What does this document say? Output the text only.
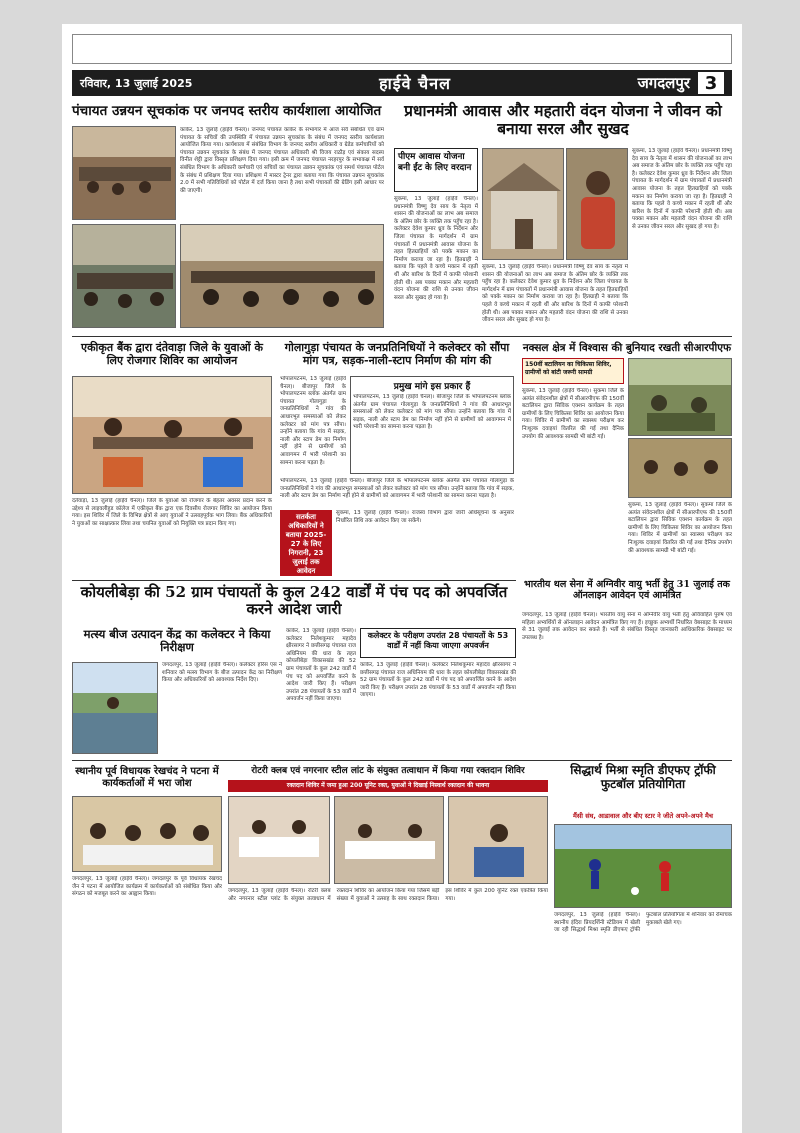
रविवार, 13 जुलाई 2025	हाईवे चैनल	जगदलपुर 3
पंचायत उन्नयन सूचकांक पर जनपद स्तरीय कार्यशाला आयोजित
कांकेर, 13 जुलाई (हाईवे चैनल)। जनपद पंचायत कांकेर के सभागार में आज सर्व संबंधित एवं ग्राम पंचायत के सचिवों की उपस्थिति में पंचायत उन्नयन सूचकांक के संबंध में जनपद स्तरीय कार्यशाला आयोजित किया गया। कार्यशाला में संबंधित विभाग के जनपद स्तरीय अधिकारी व ग्रेडेड कर्मचारियों को पंचायत उन्नयन सूचकांक के संबंध में जनपद पंचायत अधिकारी श्री विजय राठौड़ एवं संकाय सदस्य विनीत शेट्टी द्वारा विस्तृत प्रशिक्षण दिया गया। इसी क्रम में जनपद पंचायत नरहरपुर के सभाकक्ष में सर्व संबंधित विभाग के अधिकारी कर्मचारी एवं सचिवों का पंचायत उन्नयन सूचकांक एवं समर्थ पंचायत पोर्टल के संबंध में प्रशिक्षण दिया गया। प्रशिक्षण में मास्टर ट्रेनर द्वारा बताया गया कि पंचायत उन्नयन सूचकांक 2.0 में सभी गतिविधियों को पोर्टल में दर्ज किया जाना है तथा सभी पंचायतों की ग्रेडिंग इसी आधार पर की जाएगी।
प्रधानमंत्री आवास और महतारी वंदन योजना ने जीवन को बनाया सरल और सुखद
पीएम आवास योजना बनी ईंट के लिए वरदान
सुकमा, 13 जुलाई (हाईवे चैनल)। प्रधानमंत्री विष्णु देव साय के नेतृत्व में शासन की योजनाओं का लाभ अब समाज के अंतिम छोर के व्यक्ति तक पहुँच रहा है। कलेक्टर देवेश कुमार ध्रुव के निर्देशन और जिला पंचायत के मार्गदर्शन में ग्राम पंचायतों में प्रधानमंत्री आवास योजना के तहत हितग्राहियों को पक्के मकान का निर्माण कराया जा रहा है। हितग्राही ने बताया कि पहले वे कच्चे मकान में रहती थीं और बारिश के दिनों में काफी परेशानी होती थी। अब पक्का मकान और महतारी वंदन योजना की राशि से उनका जीवन सरल और सुखद हो गया है।
सुकमा, 13 जुलाई (हाईवे चैनल)। प्रधानमंत्री विष्णु देव साय के नेतृत्व में शासन की योजनाओं का लाभ अब समाज के अंतिम छोर के व्यक्ति तक पहुँच रहा है। कलेक्टर देवेश कुमार ध्रुव के निर्देशन और जिला पंचायत के मार्गदर्शन में ग्राम पंचायतों में प्रधानमंत्री आवास योजना के तहत हितग्राहियों को पक्के मकान का निर्माण कराया जा रहा है। हितग्राही ने बताया कि पहले वे कच्चे मकान में रहती थीं और बारिश के दिनों में काफी परेशानी होती थी। अब पक्का मकान और महतारी वंदन योजना की राशि से उनका जीवन सरल और सुखद हो गया है।
सुकमा, 13 जुलाई (हाईवे चैनल)। प्रधानमंत्री विष्णु देव साय के नेतृत्व में शासन की योजनाओं का लाभ अब समाज के अंतिम छोर के व्यक्ति तक पहुँच रहा है। कलेक्टर देवेश कुमार ध्रुव के निर्देशन और जिला पंचायत के मार्गदर्शन में ग्राम पंचायतों में प्रधानमंत्री आवास योजना के तहत हितग्राहियों को पक्के मकान का निर्माण कराया जा रहा है। हितग्राही ने बताया कि पहले वे कच्चे मकान में रहती थीं और बारिश के दिनों में काफी परेशानी होती थी। अब पक्का मकान और महतारी वंदन योजना की राशि से उनका जीवन सरल और सुखद हो गया है।
एकीकृत बैंक द्वारा दंतेवाड़ा जिले के युवाओं के लिए रोजगार शिविर का आयोजन
दंतेवाड़ा, 13 जुलाई (हाईवे चैनल)। जिले के युवाओं को रोजगार के बेहतर अवसर प्रदान करने के उद्देश्य से लाइवलीहुड कॉलेज में एकीकृत बैंक द्वारा एक दिवसीय रोजगार शिविर का आयोजन किया गया। इस शिविर में जिले के विभिन्न क्षेत्रों से आए युवाओं ने उत्साहपूर्वक भाग लिया। बैंक अधिकारियों ने युवाओं का साक्षात्कार लिया तथा चयनित युवाओं को नियुक्ति पत्र प्रदान किए गए।
गोलागुड़ा पंचायत के जनप्रतिनिधियों ने कलेक्टर को सौंपा मांग पत्र, सड़क-नाली-स्टाप निर्माण की मांग की
भोपालपटनम, 13 जुलाई (हाईवे चैनल)। बीजापुर जिले के भोपालपटनम ब्लॉक अंतर्गत ग्राम पंचायत गोलागुड़ा के जनप्रतिनिधियों ने गांव की आधारभूत समस्याओं को लेकर कलेक्टर को मांग पत्र सौंपा। उन्होंने बताया कि गांव में सड़क, नाली और स्टाप डेम का निर्माण नहीं होने से ग्रामीणों को आवागमन में भारी परेशानी का सामना करना पड़ता है।
प्रमुख मांगे इस प्रकार हैं
भोपालपटनम, 13 जुलाई (हाईवे चैनल)। बीजापुर जिले के भोपालपटनम ब्लॉक अंतर्गत ग्राम पंचायत गोलागुड़ा के जनप्रतिनिधियों ने गांव की आधारभूत समस्याओं को लेकर कलेक्टर को मांग पत्र सौंपा। उन्होंने बताया कि गांव में सड़क, नाली और स्टाप डेम का निर्माण नहीं होने से ग्रामीणों को आवागमन में भारी परेशानी का सामना करना पड़ता है।
भोपालपटनम, 13 जुलाई (हाईवे चैनल)। बीजापुर जिले के भोपालपटनम ब्लॉक अंतर्गत ग्राम पंचायत गोलागुड़ा के जनप्रतिनिधियों ने गांव की आधारभूत समस्याओं को लेकर कलेक्टर को मांग पत्र सौंपा। उन्होंने बताया कि गांव में सड़क, नाली और स्टाप डेम का निर्माण नहीं होने से ग्रामीणों को आवागमन में भारी परेशानी का सामना करना पड़ता है।
सतर्कता अधिकारियों ने बताया 2025-27 के लिए निगरानी, 23 जुलाई तक आवेदन
सुकमा, 13 जुलाई (हाईवे चैनल)। राजस्व विभाग द्वारा जारी अधिसूचना के अनुसार निर्धारित तिथि तक आवेदन किए जा सकेंगे।
नक्सल क्षेत्र में विश्वास की बुनियाद रखती सीआरपीएफ
150वीं बटालियन का चिकित्सा शिविर, ग्रामीणों को बांटी जरूरी सामग्री
सुकमा, 13 जुलाई (हाईवे चैनल)। सुकमा जिले के अत्यंत संवेदनशील क्षेत्रों में सीआरपीएफ की 150वीं बटालियन द्वारा सिविक एक्शन कार्यक्रम के तहत ग्रामीणों के लिए चिकित्सा शिविर का आयोजन किया गया। शिविर में ग्रामीणों का स्वास्थ्य परीक्षण कर निःशुल्क दवाइयां वितरित की गईं तथा दैनिक उपयोग की आवश्यक सामग्री भी बांटी गई।
सुकमा, 13 जुलाई (हाईवे चैनल)। सुकमा जिले के अत्यंत संवेदनशील क्षेत्रों में सीआरपीएफ की 150वीं बटालियन द्वारा सिविक एक्शन कार्यक्रम के तहत ग्रामीणों के लिए चिकित्सा शिविर का आयोजन किया गया। शिविर में ग्रामीणों का स्वास्थ्य परीक्षण कर निःशुल्क दवाइयां वितरित की गईं तथा दैनिक उपयोग की आवश्यक सामग्री भी बांटी गई।
भारतीय थल सेना में अग्निवीर वायु भर्ती हेतु 31 जुलाई तक ऑनलाइन आवेदन एवं आमंत्रित
जगदलपुर, 13 जुलाई (हाईवे चैनल)। भारतीय वायु सेना में अग्निवीर वायु भर्ती हेतु अविवाहित पुरुष एवं महिला अभ्यर्थियों से ऑनलाइन आवेदन आमंत्रित किए गए हैं। इच्छुक अभ्यर्थी निर्धारित वेबसाइट के माध्यम से 31 जुलाई तक आवेदन कर सकते हैं। भर्ती से संबंधित विस्तृत जानकारी आधिकारिक वेबसाइट पर उपलब्ध है।
कोयलीबेड़ा की 52 ग्राम पंचायतों के कुल 242 वार्डों में पंच पद को अपवर्जित करने आदेश जारी
मत्स्य बीज उत्पादन केंद्र का कलेक्टर ने किया निरीक्षण
जगदलपुर, 13 जुलाई (हाईवे चैनल)। कलेक्टर हरिस एस ने शनिवार को मत्स्य विभाग के बीज उत्पादन केंद्र का निरीक्षण किया और अधिकारियों को आवश्यक निर्देश दिए।
कांकेर, 13 जुलाई (हाईवे चैनल)। कलेक्टर निलेशकुमार महादेव क्षीरसागर ने छत्तीसगढ़ पंचायत राज अधिनियम की धारा के तहत कोयलीबेड़ा विकासखंड की 52 ग्राम पंचायतों के कुल 242 वार्डों में पंच पद को अपवर्जित करने के आदेश जारी किए हैं। परीक्षण उपरांत 28 पंचायतों के 53 वार्डों में अपवर्जन नहीं किया जाएगा।
कलेक्टर के परीक्षण उपरांत 28 पंचायतों के 53 वार्डों में नहीं किया जाएगा अपवर्जन
कांकेर, 13 जुलाई (हाईवे चैनल)। कलेक्टर निलेशकुमार महादेव क्षीरसागर ने छत्तीसगढ़ पंचायत राज अधिनियम की धारा के तहत कोयलीबेड़ा विकासखंड की 52 ग्राम पंचायतों के कुल 242 वार्डों में पंच पद को अपवर्जित करने के आदेश जारी किए हैं। परीक्षण उपरांत 28 पंचायतों के 53 वार्डों में अपवर्जन नहीं किया जाएगा।
स्थानीय पूर्व विधायक रेखचंद ने पटना में कार्यकर्ताओं में भरा जोश
जगदलपुर, 13 जुलाई (हाईवे चैनल)। जगदलपुर के पूर्व विधायक रेखचंद जैन ने पटना में आयोजित कार्यक्रम में कार्यकर्ताओं को संबोधित किया और संगठन को मजबूत करने का आह्वान किया।
रोटरी क्लब एवं नगरनार स्टील लांट के संयुक्त तत्वाधान में किया गया रक्तदान शिविर
रक्तदान शिविर में जमा हुआ 200 यूनिट रक्त, युवाओं ने दिखाई निस्वार्थ रक्तदान की भावना
जगदलपुर, 13 जुलाई (हाईवे चैनल)। रोटरी क्लब और नगरनार स्टील प्लांट के संयुक्त तत्वाधान में रक्तदान शिविर का आयोजन किया गया जिसमें बड़ी संख्या में युवाओं ने उत्साह के साथ रक्तदान किया। इस शिविर में कुल 200 यूनिट रक्त एकत्रित किया गया।
सिद्धार्थ मिश्रा स्मृति डीएफए ट्रॉफी फुटबॉल प्रतियोगिता
मैंसी संघ, आडावाल और बीए स्टार ने जीते अपने-अपने मैच
जगदलपुर, 13 जुलाई (हाईवे चैनल)। स्थानीय इंदिरा प्रियदर्शिनी स्टेडियम में खेली जा रही सिद्धार्थ मिश्रा स्मृति डीएफए ट्रॉफी फुटबॉल प्रतियोगिता में शनिवार को रोमांचक मुकाबले खेले गए।
